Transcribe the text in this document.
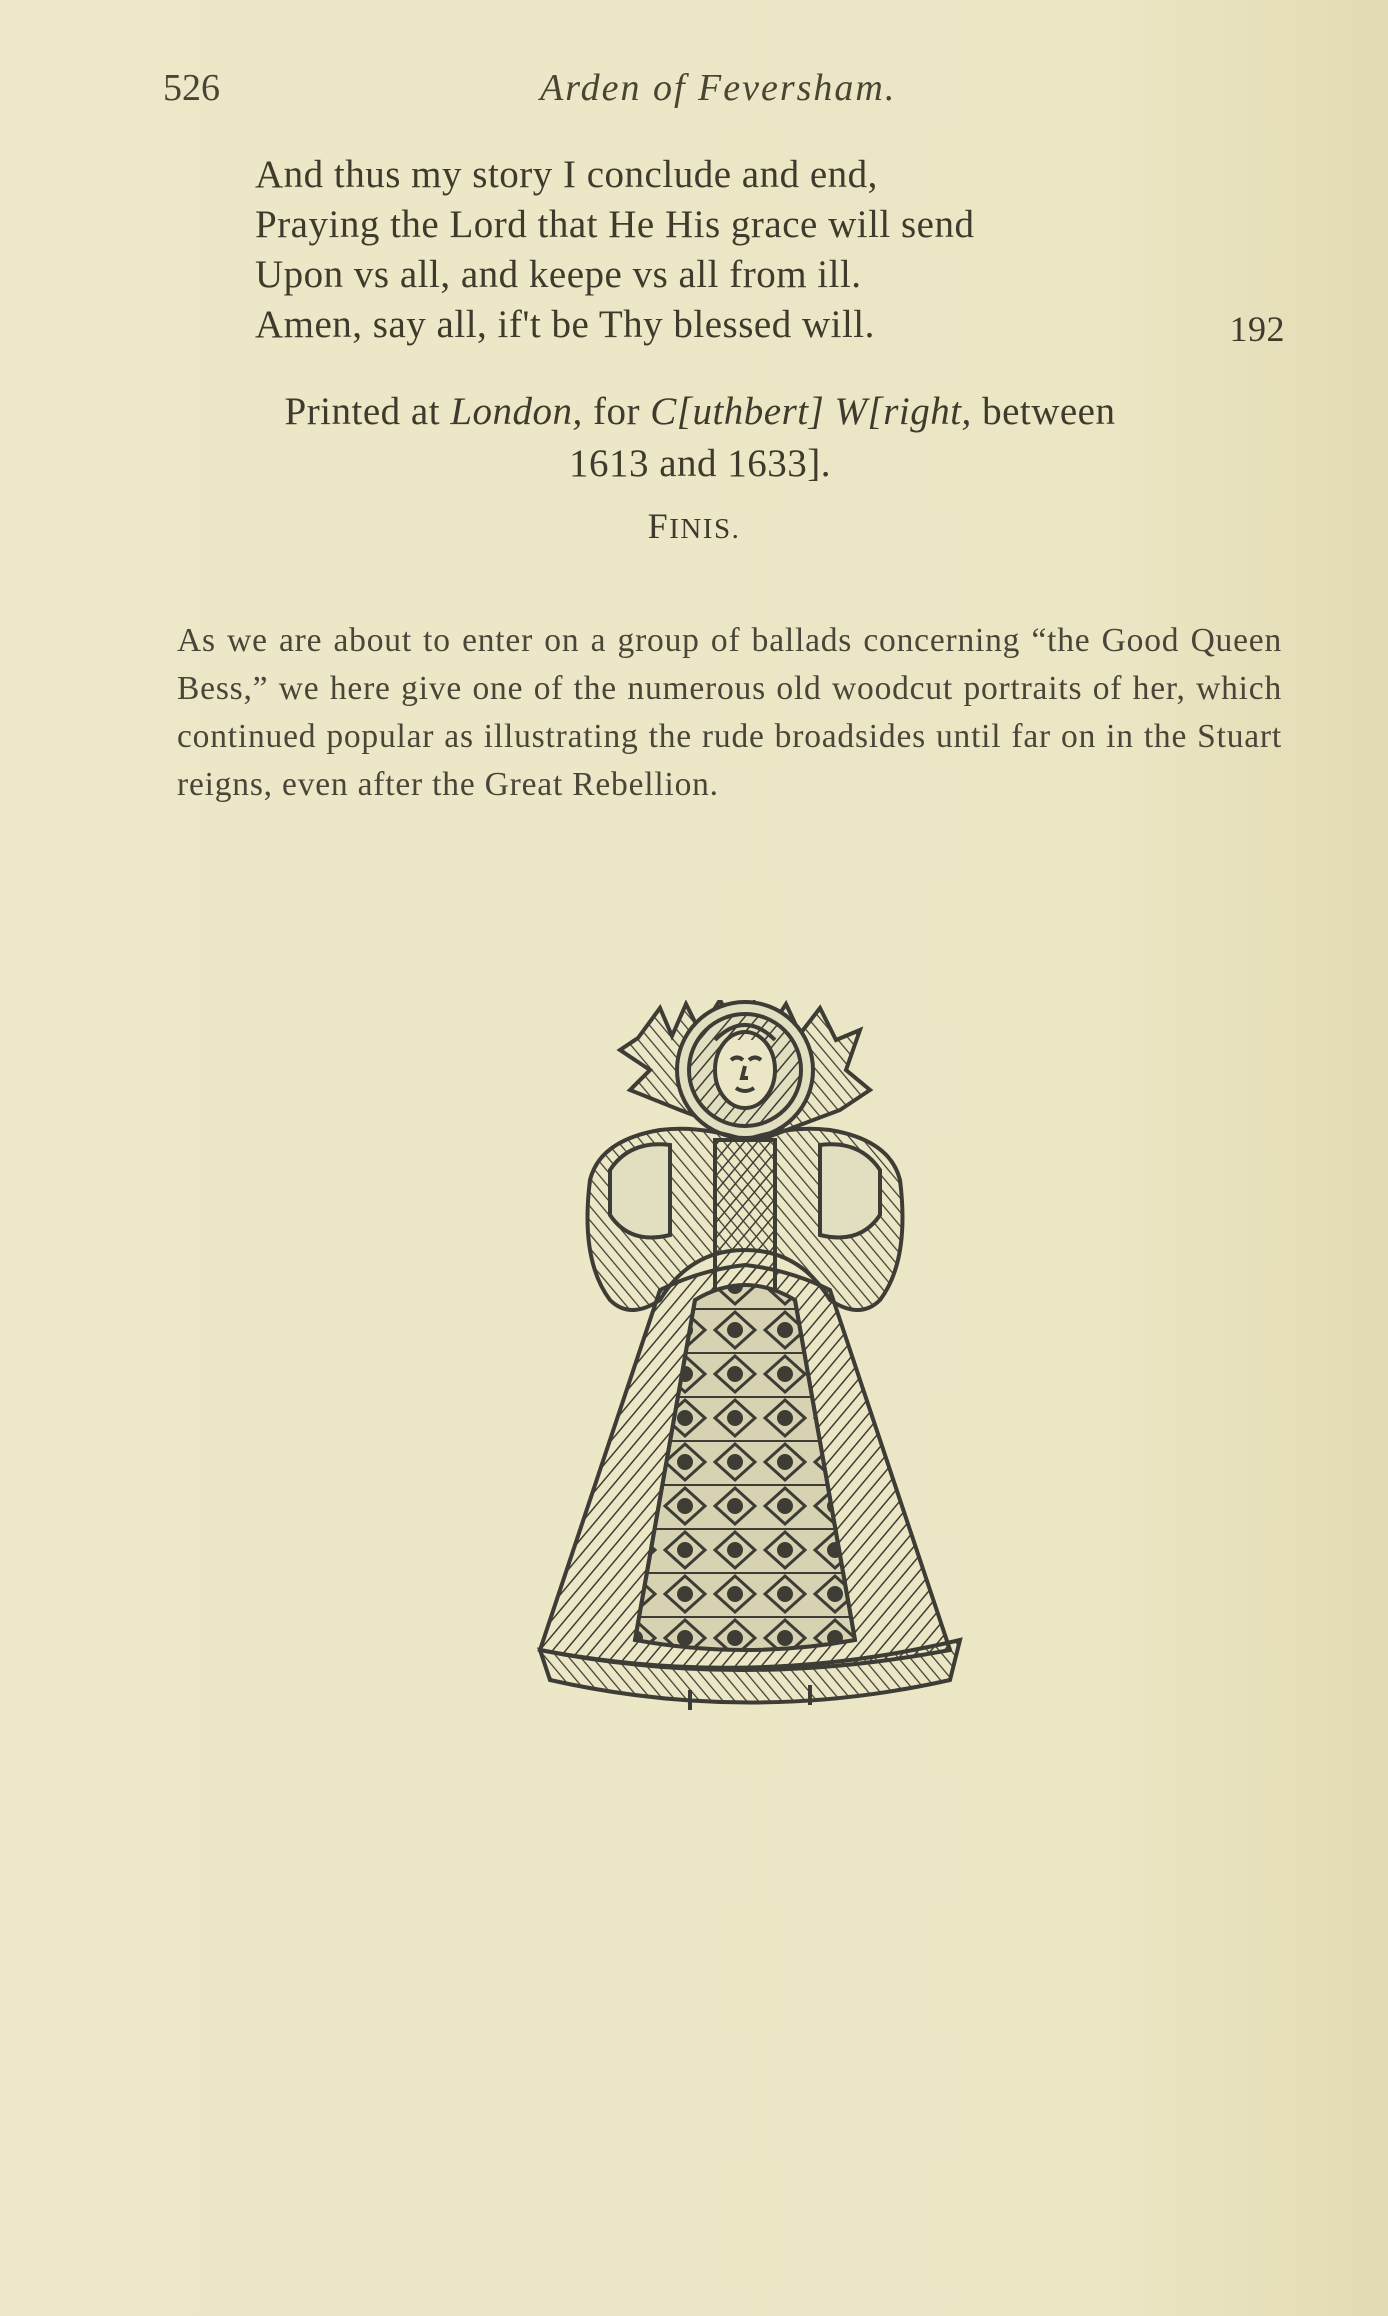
526	Arden of Feversham.
And thus my story I conclude and end,
Praying the Lord that He His grace will send
Upon vs all, and keepe vs all from ill.
Amen, say all, if't be Thy blessed will.	192
Printed at London, for C[uthbert] W[right, between
1613 and 1633].
FINIS.

As we are about to enter on a group of ballads concerning “the Good Queen Bess,” we here give one of the numerous old woodcut portraits of her, which continued popular as illustrating the rude broadsides until far on in the Stuart reigns, even after the Great Rebellion.
